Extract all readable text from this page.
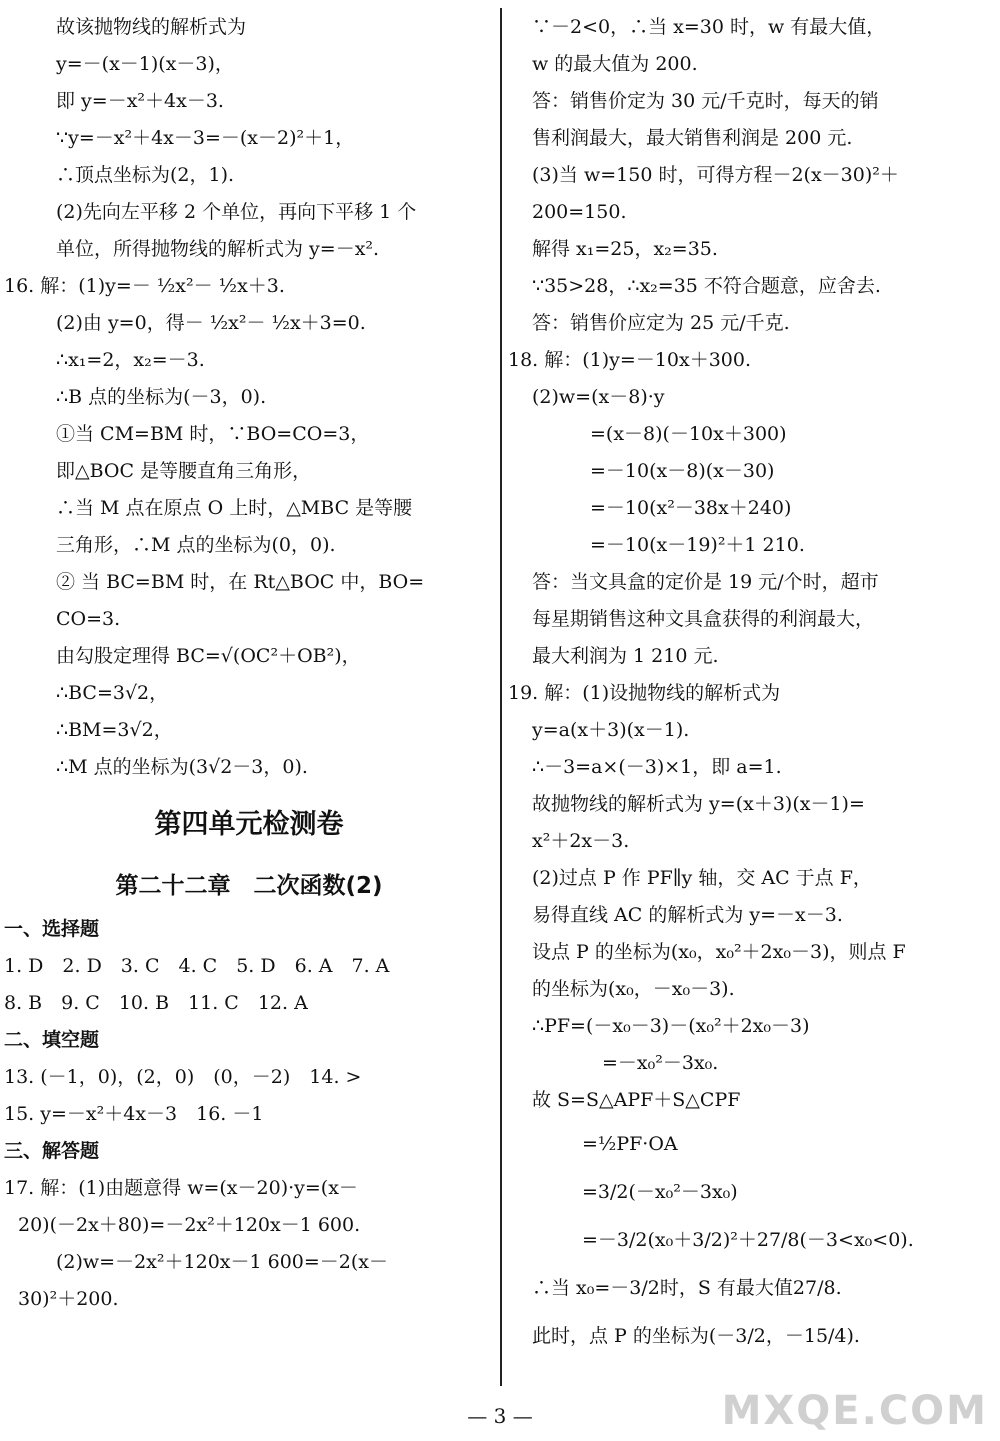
故该抛物线的解析式为
y=－(x－1)(x－3)，
即 y=－x²＋4x－3.
∵y=－x²＋4x－3=－(x－2)²＋1，
∴顶点坐标为(2，1).
(2)先向左平移 2 个单位，再向下平移 1 个
单位，所得抛物线的解析式为 y=－x².
16. 解：(1)y=－ ½x²－ ½x＋3.
(2)由 y=0，得－ ½x²－ ½x＋3=0.
∴x₁=2，x₂=－3.
∴B 点的坐标为(－3，0).
①当 CM=BM 时，∵BO=CO=3，
即△BOC 是等腰直角三角形，
∴当 M 点在原点 O 上时，△MBC 是等腰
三角形，∴M 点的坐标为(0，0).
② 当 BC=BM 时，在 Rt△BOC 中，BO=
CO=3.
由勾股定理得 BC=√(OC²＋OB²)，
∴BC=3√2，
∴BM=3√2，
∴M 点的坐标为(3√2－3，0).
第四单元检测卷
第二十二章　二次函数(2)
一、选择题
1. D　2. D　3. C　4. C　5. D　6. A　7. A
8. B　9. C　10. B　11. C　12. A
二、填空题
13. (－1，0)，(2，0)　(0，－2)　14. >
15. y=－x²＋4x－3　16. －1
三、解答题
17. 解：(1)由题意得 w=(x－20)·y=(x－
20)(－2x＋80)=－2x²＋120x－1 600.
(2)w=－2x²＋120x－1 600=－2(x－
30)²＋200.
∵－2<0，∴当 x=30 时，w 有最大值，
w 的最大值为 200.
答：销售价定为 30 元/千克时，每天的销
售利润最大，最大销售利润是 200 元.
(3)当 w=150 时，可得方程－2(x－30)²＋
200=150.
解得 x₁=25，x₂=35.
∵35>28，∴x₂=35 不符合题意，应舍去.
答：销售价应定为 25 元/千克.
18. 解：(1)y=－10x＋300.
(2)w=(x－8)·y
=(x－8)(－10x＋300)
=－10(x－8)(x－30)
=－10(x²－38x＋240)
=－10(x－19)²＋1 210.
答：当文具盒的定价是 19 元/个时，超市
每星期销售这种文具盒获得的利润最大，
最大利润为 1 210 元.
19. 解：(1)设抛物线的解析式为
y=a(x＋3)(x－1).
∴－3=a×(－3)×1，即 a=1.
故抛物线的解析式为 y=(x＋3)(x－1)=
x²＋2x－3.
(2)过点 P 作 PF∥y 轴，交 AC 于点 F，
易得直线 AC 的解析式为 y=－x－3.
设点 P 的坐标为(x₀，x₀²＋2x₀－3)，则点 F
的坐标为(x₀，－x₀－3).
∴PF=(－x₀－3)－(x₀²＋2x₀－3)
=－x₀²－3x₀.
故 S=S△APF＋S△CPF
=½PF·OA
=3/2(－x₀²－3x₀)
=－3/2(x₀＋3/2)²＋27/8(－3<x₀<0).
∴当 x₀=－3/2时，S 有最大值27/8.
此时，点 P 的坐标为(－3/2，－15/4).
— 3 —	MXQE.COM
